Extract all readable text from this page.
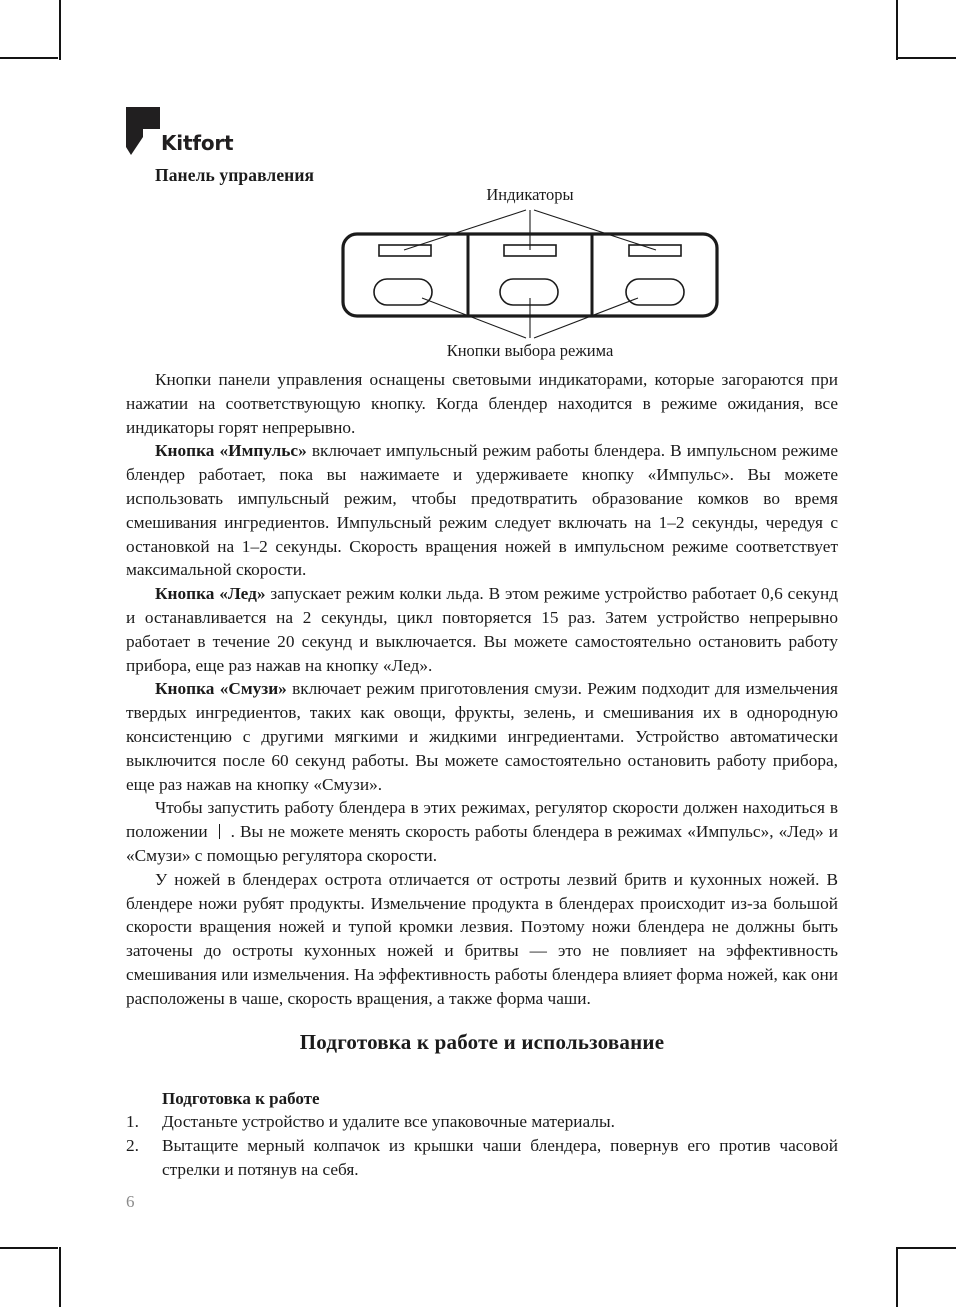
Kitfort
Панель управления
Индикаторы
Кнопки выбора режима

Кнопки панели управления оснащены световыми индикаторами, которые загораются при нажатии на соответствующую кнопку. Когда блендер находится в режиме ожидания, все индикаторы горят непрерывно.

Кнопка «Импульс» включает импульсный режим работы блендера. В импульсном режиме блендер работает, пока вы нажимаете и удерживаете кнопку «Импульс». Вы можете использовать импульсный режим, чтобы предотвратить образование комков во время смешивания ингредиентов. Импульсный режим следует включать на 1–2 секунды, чередуя с остановкой на 1–2 секунды. Скорость вращения ножей в импульсном режиме соответствует максимальной скорости.

Кнопка «Лед» запускает режим колки льда. В этом режиме устройство работает 0,6 секунд и останавливается на 2 секунды, цикл повторяется 15 раз. Затем устройство непрерывно работает в течение 20 секунд и выключается. Вы можете самостоятельно остановить работу прибора, еще раз нажав на кнопку «Лед».

Кнопка «Смузи» включает режим приготовления смузи. Режим подходит для измельчения твердых ингредиентов, таких как овощи, фрукты, зелень, и смешивания их в однородную консистенцию с другими мягкими и жидкими ингредиентами. Устройство автоматически выключится после 60 секунд работы. Вы можете самостоятельно остановить работу прибора, еще раз нажав на кнопку «Смузи».

Чтобы запустить работу блендера в этих режимах, регулятор скорости должен находиться в положении . Вы не можете менять скорость работы блендера в режимах «Импульс», «Лед» и «Смузи» с помощью регулятора скорости.

У ножей в блендерах острота отличается от остроты лезвий бритв и кухонных ножей. В блендере ножи рубят продукты. Измельчение продукта в блендерах происходит из-за большой скорости вращения ножей и тупой кромки лезвия. Поэтому ножи блендера не должны быть заточены до остроты кухонных ножей и бритвы — это не повлияет на эффективность смешивания или измельчения. На эффективность работы блендера влияет форма ножей, как они расположены в чаше, скорость вращения, а также форма чаши.

Подготовка к работе и использование
Подготовка к работе
Достаньте устройство и удалите все упаковочные материалы.
Вытащите мерный колпачок из крышки чаши блендера, повернув его против часовой стрелки и потянув на себя.
6
